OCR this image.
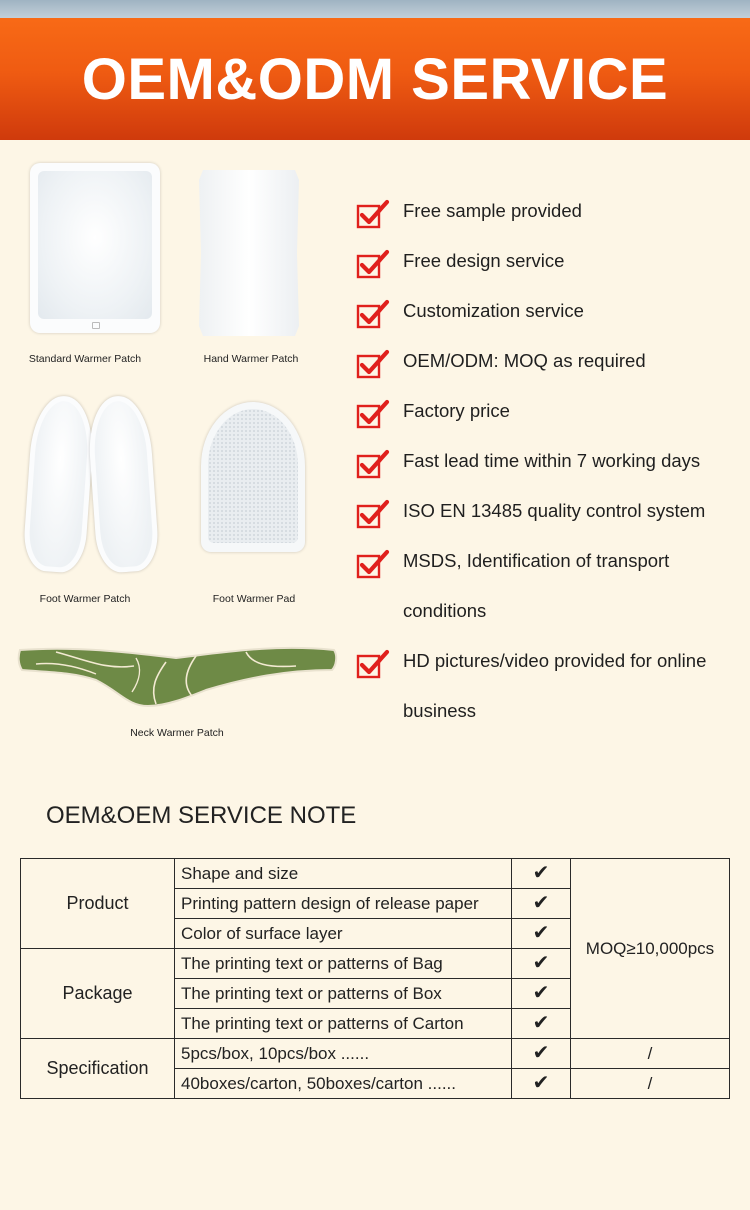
OEM&ODM SERVICE
Standard Warmer Patch	Hand Warmer Patch
Foot Warmer Patch	Foot Warmer Pad
Neck Warmer Patch
Free sample provided
Free design service
Customization service
OEM/ODM: MOQ as required
Factory price
Fast lead time within 7 working days
ISO EN 13485 quality control system
MSDS, Identification of transport
conditions
HD pictures/video provided for online
business
OEM&OEM SERVICE NOTE
Product	Shape and size	✔	MOQ≥10,000pcs
	Printing pattern design of release paper	✔	
	Color of surface layer	✔	
Package	The printing text or patterns of Bag	✔	
	The printing text or patterns of Box	✔	
	The printing text or patterns of Carton	✔	
Specification	5pcs/box, 10pcs/box ......	✔	/
	40boxes/carton, 50boxes/carton ......	✔	/
